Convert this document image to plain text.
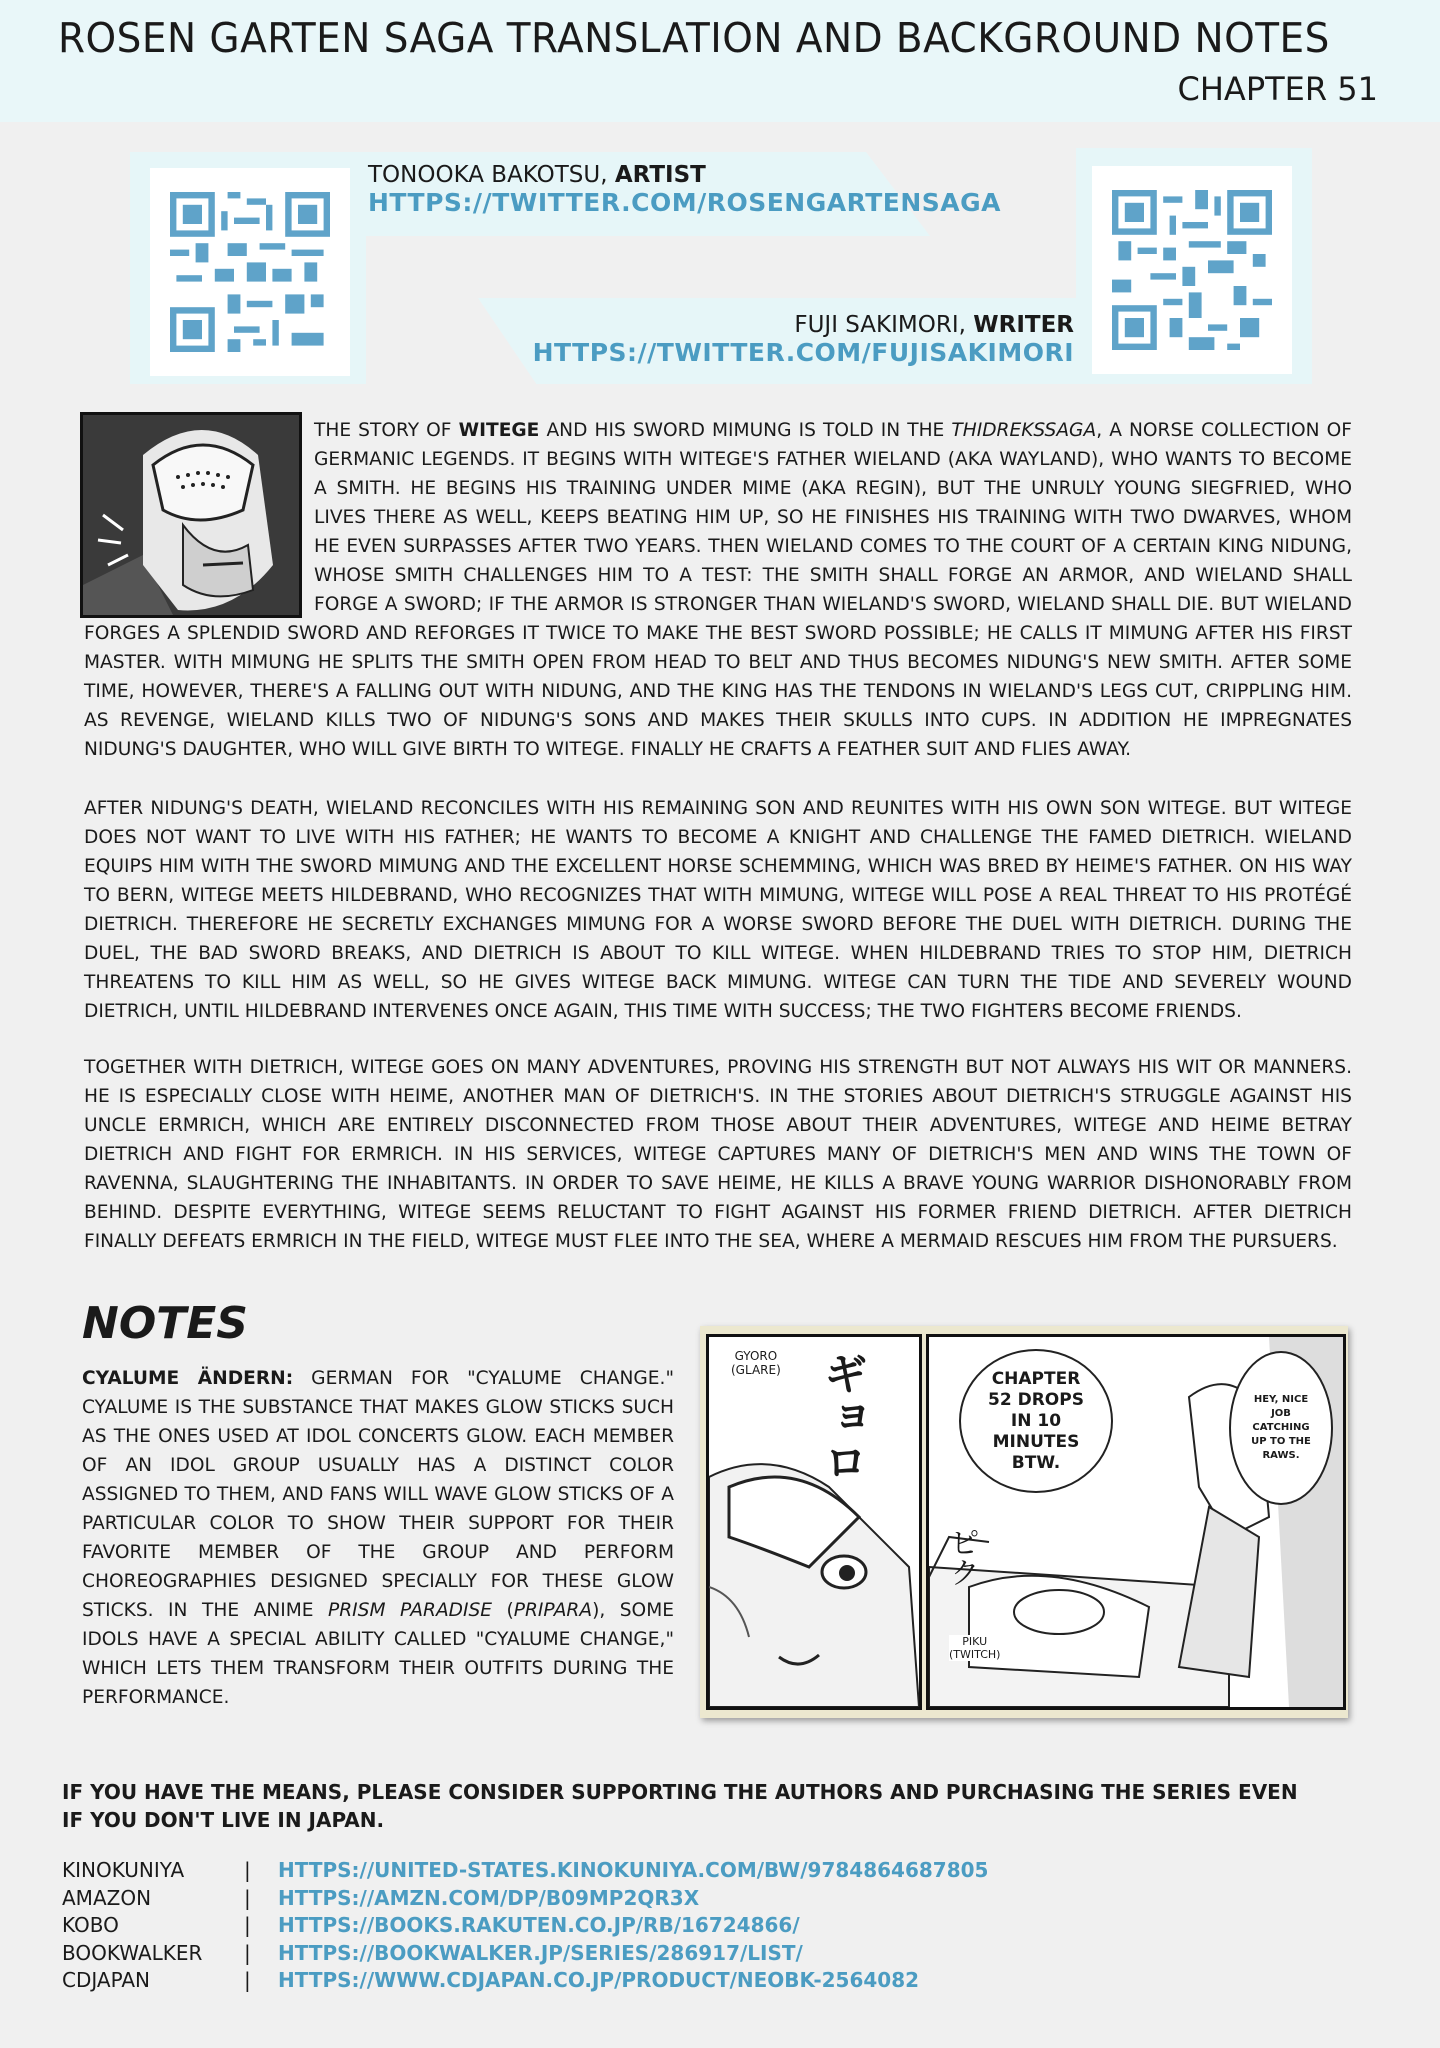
ROSEN GARTEN SAGA TRANSLATION AND BACKGROUND NOTES
CHAPTER 51
TONOOKA BAKOTSU, ARTIST
HTTPS://TWITTER.COM/ROSENGARTENSAGA
FUJI SAKIMORI, WRITER
HTTPS://TWITTER.COM/FUJISAKIMORI
THE STORY OF WITEGE AND HIS SWORD MIMUNG IS TOLD IN THE THIDREKSSAGA, A NORSE COLLECTION OF GERMANIC LEGENDS. IT BEGINS WITH WITEGE'S FATHER WIELAND (AKA WAYLAND), WHO WANTS TO BECOME A SMITH. HE BEGINS HIS TRAINING UNDER MIME (AKA REGIN), BUT THE UNRULY YOUNG SIEGFRIED, WHO LIVES THERE AS WELL, KEEPS BEATING HIM UP, SO HE FINISHES HIS TRAINING WITH TWO DWARVES, WHOM HE EVEN SURPASSES AFTER TWO YEARS. THEN WIELAND COMES TO THE COURT OF A CERTAIN KING NIDUNG, WHOSE SMITH CHALLENGES HIM TO A TEST: THE SMITH SHALL FORGE AN ARMOR, AND WIELAND SHALL FORGE A SWORD; IF THE ARMOR IS STRONGER THAN WIELAND'S SWORD, WIELAND SHALL DIE. BUT WIELAND FORGES A SPLENDID SWORD AND REFORGES IT TWICE TO MAKE THE BEST SWORD POSSIBLE; HE CALLS IT MIMUNG AFTER HIS FIRST MASTER. WITH MIMUNG HE SPLITS THE SMITH OPEN FROM HEAD TO BELT AND THUS BECOMES NIDUNG'S NEW SMITH. AFTER SOME TIME, HOWEVER, THERE'S A FALLING OUT WITH NIDUNG, AND THE KING HAS THE TENDONS IN WIELAND'S LEGS CUT, CRIPPLING HIM. AS REVENGE, WIELAND KILLS TWO OF NIDUNG'S SONS AND MAKES THEIR SKULLS INTO CUPS. IN ADDITION HE IMPREGNATES NIDUNG'S DAUGHTER, WHO WILL GIVE BIRTH TO WITEGE. FINALLY HE CRAFTS A FEATHER SUIT AND FLIES AWAY.
AFTER NIDUNG'S DEATH, WIELAND RECONCILES WITH HIS REMAINING SON AND REUNITES WITH HIS OWN SON WITEGE. BUT WITEGE DOES NOT WANT TO LIVE WITH HIS FATHER; HE WANTS TO BECOME A KNIGHT AND CHALLENGE THE FAMED DIETRICH. WIELAND EQUIPS HIM WITH THE SWORD MIMUNG AND THE EXCELLENT HORSE SCHEMMING, WHICH WAS BRED BY HEIME'S FATHER. ON HIS WAY TO BERN, WITEGE MEETS HILDEBRAND, WHO RECOGNIZES THAT WITH MIMUNG, WITEGE WILL POSE A REAL THREAT TO HIS PROTÉGÉ DIETRICH. THEREFORE HE SECRETLY EXCHANGES MIMUNG FOR A WORSE SWORD BEFORE THE DUEL WITH DIETRICH. DURING THE DUEL, THE BAD SWORD BREAKS, AND DIETRICH IS ABOUT TO KILL WITEGE. WHEN HILDEBRAND TRIES TO STOP HIM, DIETRICH THREATENS TO KILL HIM AS WELL, SO HE GIVES WITEGE BACK MIMUNG. WITEGE CAN TURN THE TIDE AND SEVERELY WOUND DIETRICH, UNTIL HILDEBRAND INTERVENES ONCE AGAIN, THIS TIME WITH SUCCESS; THE TWO FIGHTERS BECOME FRIENDS.
TOGETHER WITH DIETRICH, WITEGE GOES ON MANY ADVENTURES, PROVING HIS STRENGTH BUT NOT ALWAYS HIS WIT OR MANNERS. HE IS ESPECIALLY CLOSE WITH HEIME, ANOTHER MAN OF DIETRICH'S. IN THE STORIES ABOUT DIETRICH'S STRUGGLE AGAINST HIS UNCLE ERMRICH, WHICH ARE ENTIRELY DISCONNECTED FROM THOSE ABOUT THEIR ADVENTURES, WITEGE AND HEIME BETRAY DIETRICH AND FIGHT FOR ERMRICH. IN HIS SERVICES, WITEGE CAPTURES MANY OF DIETRICH'S MEN AND WINS THE TOWN OF RAVENNA, SLAUGHTERING THE INHABITANTS. IN ORDER TO SAVE HEIME, HE KILLS A BRAVE YOUNG WARRIOR DISHONORABLY FROM BEHIND. DESPITE EVERYTHING, WITEGE SEEMS RELUCTANT TO FIGHT AGAINST HIS FORMER FRIEND DIETRICH. AFTER DIETRICH FINALLY DEFEATS ERMRICH IN THE FIELD, WITEGE MUST FLEE INTO THE SEA, WHERE A MERMAID RESCUES HIM FROM THE PURSUERS.
NOTES
CYALUME ÄNDERN: GERMAN FOR "CYALUME CHANGE." CYALUME IS THE SUBSTANCE THAT MAKES GLOW STICKS SUCH AS THE ONES USED AT IDOL CONCERTS GLOW. EACH MEMBER OF AN IDOL GROUP USUALLY HAS A DISTINCT COLOR ASSIGNED TO THEM, AND FANS WILL WAVE GLOW STICKS OF A PARTICULAR COLOR TO SHOW THEIR SUPPORT FOR THEIR FAVORITE MEMBER OF THE GROUP AND PERFORM CHOREOGRAPHIES DESIGNED SPECIALLY FOR THESE GLOW STICKS. IN THE ANIME PRISM PARADISE (PRIPARA), SOME IDOLS HAVE A SPECIAL ABILITY CALLED "CYALUME CHANGE," WHICH LETS THEM TRANSFORM THEIR OUTFITS DURING THE PERFORMANCE.
ギョロ
GYORO
(GLARE)	CHAPTER 52 DROPS IN 10 MINUTES BTW.
HEY, NICE JOB CATCHING UP TO THE RAWS.
ピク
PIKU
(TWITCH)
IF YOU HAVE THE MEANS, PLEASE CONSIDER SUPPORTING THE AUTHORS AND PURCHASING THE SERIES EVEN IF YOU DON'T LIVE IN JAPAN.
KINOKUNIYA	| HTTPS://UNITED-STATES.KINOKUNIYA.COM/BW/9784864687805
AMAZON	| HTTPS://AMZN.COM/DP/B09MP2QR3X
KOBO	| HTTPS://BOOKS.RAKUTEN.CO.JP/RB/16724866/
BOOKWALKER	| HTTPS://BOOKWALKER.JP/SERIES/286917/LIST/
CDJAPAN	| HTTPS://WWW.CDJAPAN.CO.JP/PRODUCT/NEOBK-2564082
